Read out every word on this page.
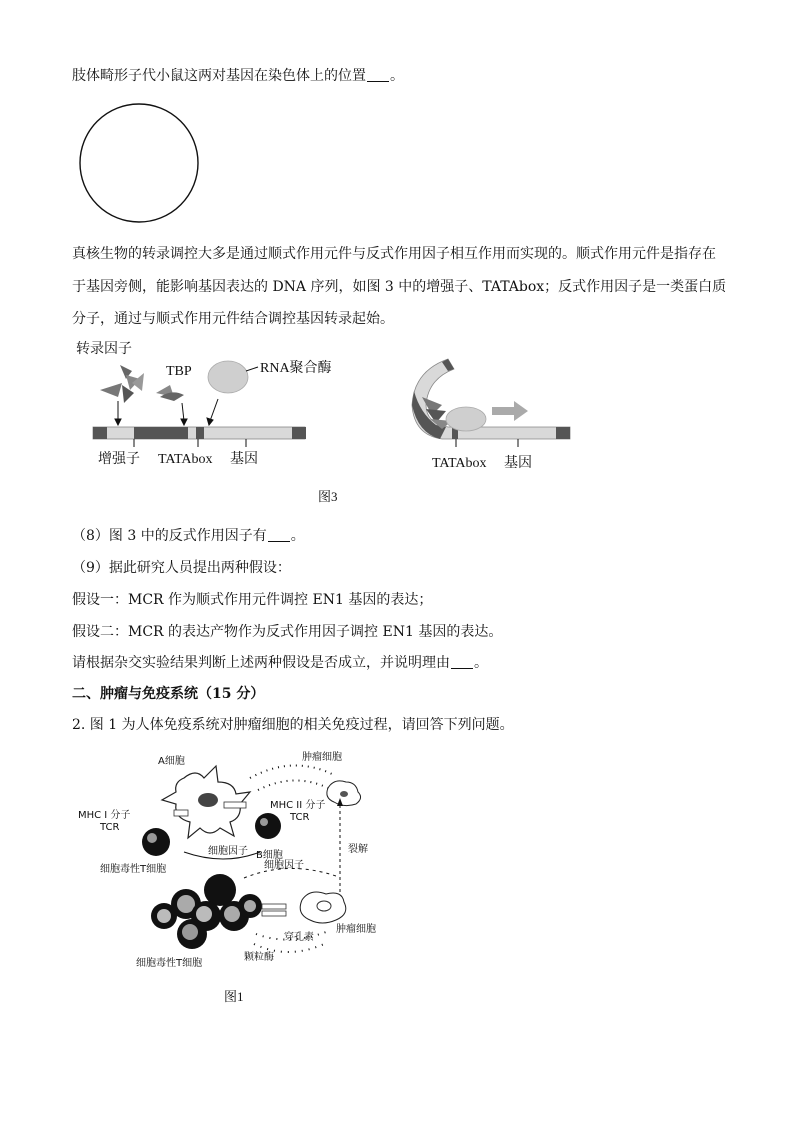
肢体畸形子代小鼠这两对基因在染色体上的位置 。
真核生物的转录调控大多是通过顺式作用元件与反式作用因子相互作用而实现的。顺式作用元件是指存在
于基因旁侧，能影响基因表达的 DNA 序列，如图 3 中的增强子、TATAbox；反式作用因子是一类蛋白质
分子，通过与顺式作用元件结合调控基因转录起始。
转录因子
TBP	RNA聚合酶
增强子 TATAbox 基因	TATAbox 基因
图3
（8）图 3 中的反式作用因子有 。
（9）据此研究人员提出两种假设：
假设一：MCR 作为顺式作用元件调控 EN1 基因的表达；
假设二：MCR 的表达产物作为反式作用因子调控 EN1 基因的表达。
请根据杂交实验结果判断上述两种假设是否成立，并说明理由 。
二、肿瘤与免疫系统（15 分）
2. 图 1 为人体免疫系统对肿瘤细胞的相关免疫过程，请回答下列问题。
A细胞	肿瘤细胞
MHC I 分子
TCR
MHC II 分子
TCR
细胞因子 B细胞
细胞因子
裂解
细胞毒性T细胞
穿孔素
肿瘤细胞
颗粒酶
细胞毒性T细胞
图1
